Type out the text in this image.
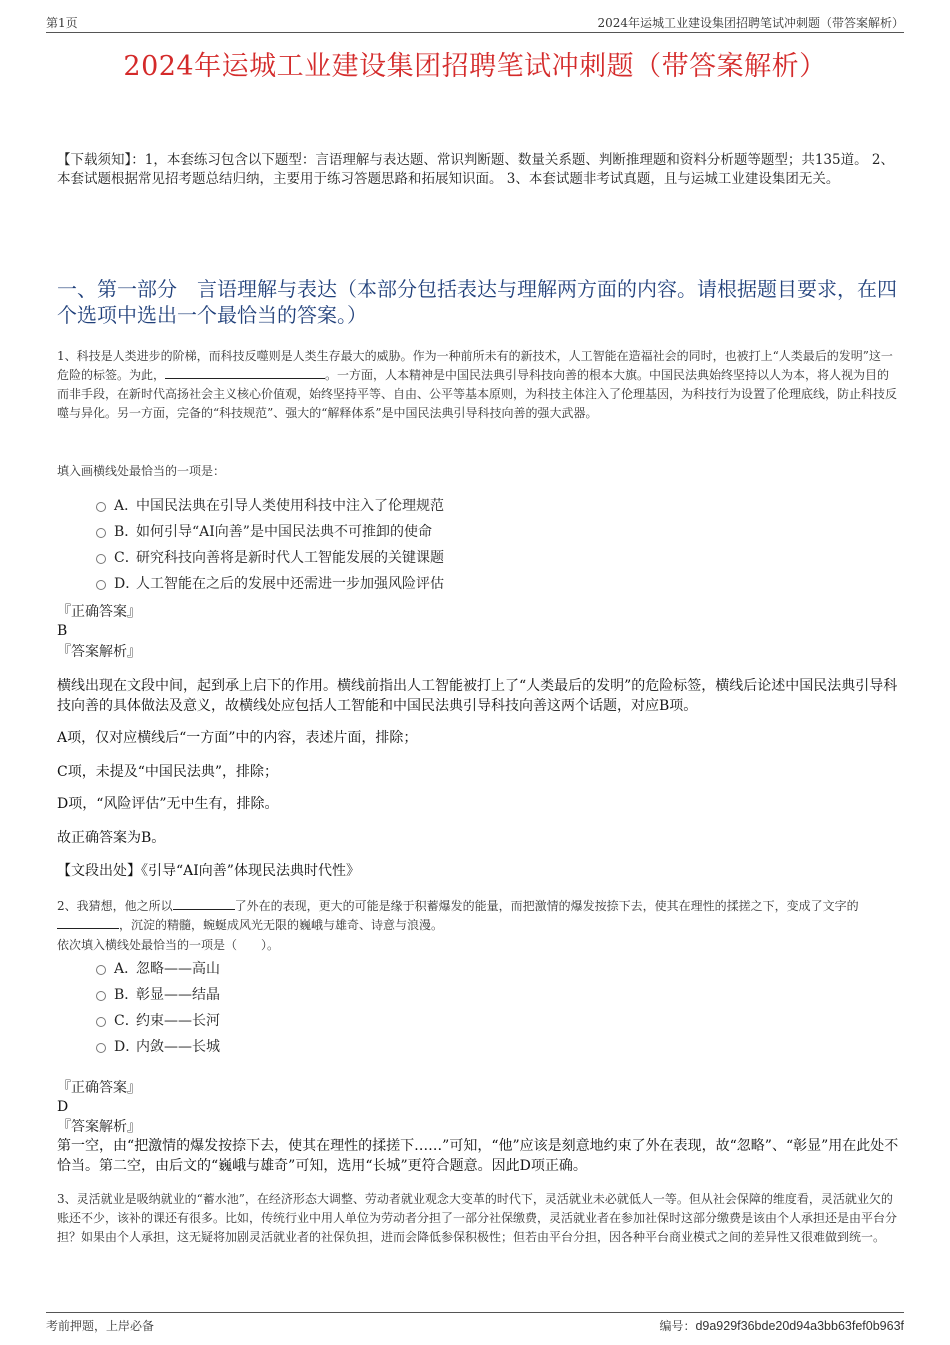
第1页	2024年运城工业建设集团招聘笔试冲刺题（带答案解析）
2024年运城工业建设集团招聘笔试冲刺题（带答案解析）
【下载须知】：1，本套练习包含以下题型：言语理解与表达题、常识判断题、数量关系题、判断推理题和资料分析题等题型；共135道。 2、本套试题根据常见招考题总结归纳，主要用于练习答题思路和拓展知识面。 3、本套试题非考试真题，且与运城工业建设集团无关。
一、第一部分　言语理解与表达（本部分包括表达与理解两方面的内容。请根据题目要求，在四个选项中选出一个最恰当的答案。）
1、科技是人类进步的阶梯，而科技反噬则是人类生存最大的威胁。作为一种前所未有的新技术，人工智能在造福社会的同时，也被打上“人类最后的发明”这一危险的标签。为此，	。一方面，人本精神是中国民法典引导科技向善的根本大旗。中国民法典始终坚持以人为本，将人视为目的而非手段，在新时代高扬社会主义核心价值观，始终坚持平等、自由、公平等基本原则，为科技主体注入了伦理基因，为科技行为设置了伦理底线，防止科技反噬与异化。另一方面，完备的“科技规范”、强大的“解释体系”是中国民法典引导科技向善的强大武器。
填入画横线处最恰当的一项是：
A．中国民法典在引导人类使用科技中注入了伦理规范
B．如何引导“AI向善”是中国民法典不可推卸的使命
C．研究科技向善将是新时代人工智能发展的关键课题
D．人工智能在之后的发展中还需进一步加强风险评估
『正确答案』
B
『答案解析』
横线出现在文段中间，起到承上启下的作用。横线前指出人工智能被打上了“人类最后的发明”的危险标签，横线后论述中国民法典引导科技向善的具体做法及意义，故横线处应包括人工智能和中国民法典引导科技向善这两个话题，对应B项。
A项，仅对应横线后“一方面”中的内容，表述片面，排除；
C项，未提及“中国民法典”，排除；
D项，“风险评估”无中生有，排除。
故正确答案为B。
【文段出处】《引导“AI向善”体现民法典时代性》
2、我猜想，他之所以	了外在的表现，更大的可能是缘于积蓄爆发的能量，而把激情的爆发按捺下去，使其在理性的揉搓之下，变成了文字的，沉淀的精髓，蜿蜒成风光无限的巍峨与雄奇、诗意与浪漫。
依次填入横线处最恰当的一项是（　　）。
A．忽略——高山
B．彰显——结晶
C．约束——长河
D．内敛——长城
『正确答案』
D
『答案解析』
第一空，由“把激情的爆发按捺下去，使其在理性的揉搓下……”可知，“他”应该是刻意地约束了外在表现，故“忽略”、“彰显”用在此处不恰当。第二空，由后文的“巍峨与雄奇”可知，选用“长城”更符合题意。因此D项正确。
3、灵活就业是吸纳就业的“蓄水池”，在经济形态大调整、劳动者就业观念大变革的时代下，灵活就业未必就低人一等。但从社会保障的维度看，灵活就业欠的账还不少，该补的课还有很多。比如，传统行业中用人单位为劳动者分担了一部分社保缴费，灵活就业者在参加社保时这部分缴费是该由个人承担还是由平台分担？如果由个人承担，这无疑将加剧灵活就业者的社保负担，进而会降低参保积极性；但若由平台分担，因各种平台商业模式之间的差异性又很难做到统一。
考前押题，上岸必备	编号：d9a929f36bde20d94a3bb63fef0b963f
